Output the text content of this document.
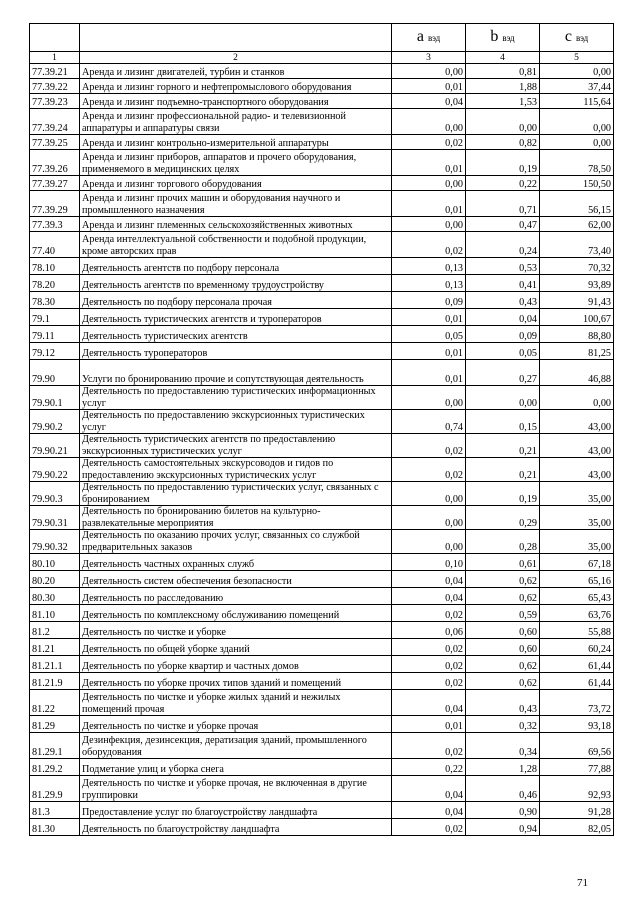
		a вэд	b вэд	c вэд
1	2	3	4	5
77.39.21	Аренда и лизинг двигателей, турбин и станков	0,00	0,81	0,00
77.39.22	Аренда и лизинг горного и нефтепромыслового оборудования	0,01	1,88	37,44
77.39.23	Аренда и лизинг подъемно-транспортного оборудования	0,04	1,53	115,64
77.39.24	Аренда и лизинг профессиональной радио- и телевизионной аппаратуры и аппаратуры связи	0,00	0,00	0,00
77.39.25	Аренда и лизинг контрольно-измерительной аппаратуры	0,02	0,82	0,00
77.39.26	Аренда и лизинг приборов, аппаратов и прочего оборудования, применяемого в медицинских целях	0,01	0,19	78,50
77.39.27	Аренда и лизинг торгового оборудования	0,00	0,22	150,50
77.39.29	Аренда и лизинг прочих машин и оборудования научного и промышленного назначения	0,01	0,71	56,15
77.39.3	Аренда и лизинг племенных сельскохозяйственных животных	0,00	0,47	62,00
77.40	Аренда интеллектуальной собственности и подобной продукции, кроме авторских прав	0,02	0,24	73,40
78.10	Деятельность агентств по подбору персонала	0,13	0,53	70,32
78.20	Деятельность агентств по временному трудоустройству	0,13	0,41	93,89
78.30	Деятельность по подбору персонала прочая	0,09	0,43	91,43
79.1	Деятельность туристических агентств и туроператоров	0,01	0,04	100,67
79.11	Деятельность туристических агентств	0,05	0,09	88,80
79.12	Деятельность туроператоров	0,01	0,05	81,25
79.90	Услуги по бронированию прочие и сопутствующая деятельность	0,01	0,27	46,88
79.90.1	Деятельность по предоставлению туристических информационных услуг	0,00	0,00	0,00
79.90.2	Деятельность по предоставлению экскурсионных туристических услуг	0,74	0,15	43,00
79.90.21	Деятельность туристических агентств по предоставлению экскурсионных туристических услуг	0,02	0,21	43,00
79.90.22	Деятельность самостоятельных экскурсоводов и гидов по предоставлению экскурсионных туристических услуг	0,02	0,21	43,00
79.90.3	Деятельность по предоставлению туристических услуг, связанных с бронированием	0,00	0,19	35,00
79.90.31	Деятельность по бронированию билетов на культурно-развлекательные мероприятия	0,00	0,29	35,00
79.90.32	Деятельность по оказанию прочих услуг, связанных со службой предварительных заказов	0,00	0,28	35,00
80.10	Деятельность частных охранных служб	0,10	0,61	67,18
80.20	Деятельность систем обеспечения безопасности	0,04	0,62	65,16
80.30	Деятельность по расследованию	0,04	0,62	65,43
81.10	Деятельность по комплексному обслуживанию помещений	0,02	0,59	63,76
81.2	Деятельность по чистке и уборке	0,06	0,60	55,88
81.21	Деятельность по общей уборке зданий	0,02	0,60	60,24
81.21.1	Деятельность по уборке квартир и частных домов	0,02	0,62	61,44
81.21.9	Деятельность по уборке прочих типов зданий и помещений	0,02	0,62	61,44
81.22	Деятельность по чистке и уборке жилых зданий и нежилых помещений прочая	0,04	0,43	73,72
81.29	Деятельность по чистке и уборке прочая	0,01	0,32	93,18
81.29.1	Дезинфекция, дезинсекция, дератизация зданий, промышленного оборудования	0,02	0,34	69,56
81.29.2	Подметание улиц и уборка снега	0,22	1,28	77,88
81.29.9	Деятельность по чистке и уборке прочая, не включенная в другие группировки	0,04	0,46	92,93
81.3	Предоставление услуг по благоустройству ландшафта	0,04	0,90	91,28
81.30	Деятельность по благоустройству ландшафта	0,02	0,94	82,05
71
